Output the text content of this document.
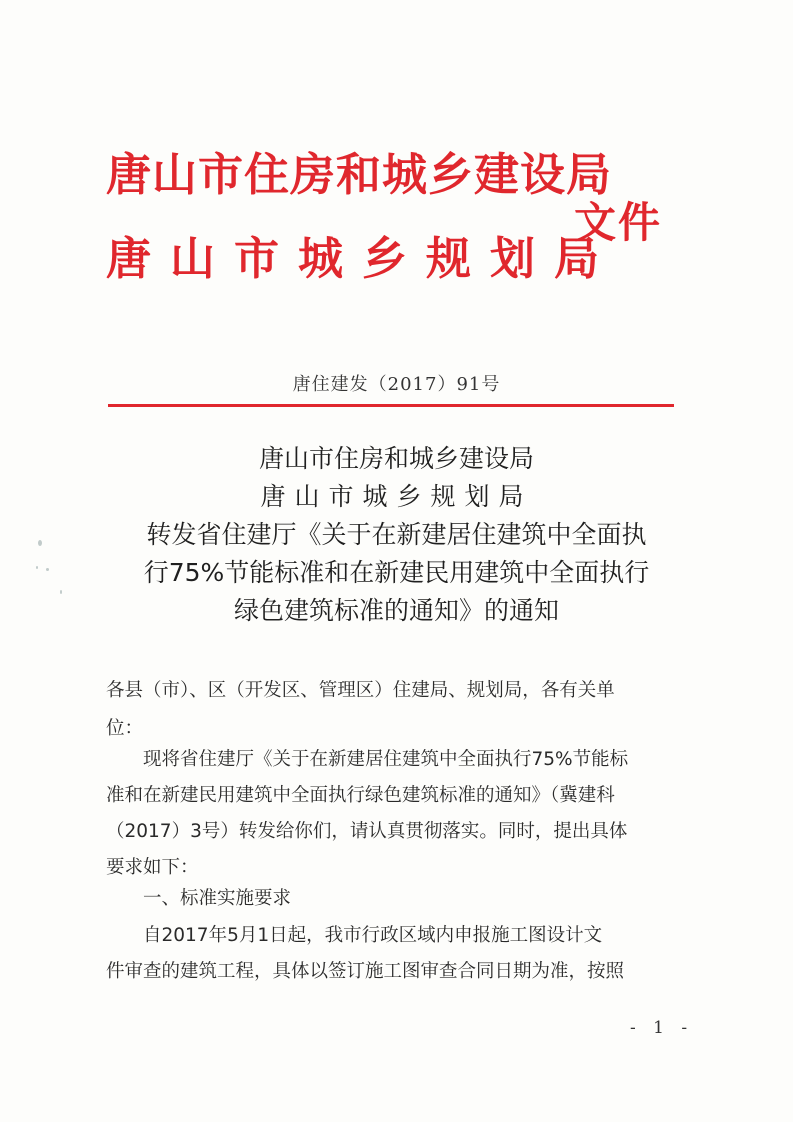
唐山市住房和城乡建设局
唐山市城乡规划局
文件
唐住建发（2017）91号
唐山市住房和城乡建设局
唐山市城乡规划局
转发省住建厅《关于在新建居住建筑中全面执
行75%节能标准和在新建民用建筑中全面执行
绿色建筑标准的通知》的通知
各县（市）、区（开发区、管理区）住建局、规划局，各有关单
位：
现将省住建厅《关于在新建居住建筑中全面执行75%节能标
准和在新建民用建筑中全面执行绿色建筑标准的通知》（冀建科
（2017）3号）转发给你们，请认真贯彻落实。同时，提出具体
要求如下：
一、标准实施要求
自2017年5月1日起，我市行政区域内申报施工图设计文
件审查的建筑工程，具体以签订施工图审查合同日期为准，按照
- 1 -
